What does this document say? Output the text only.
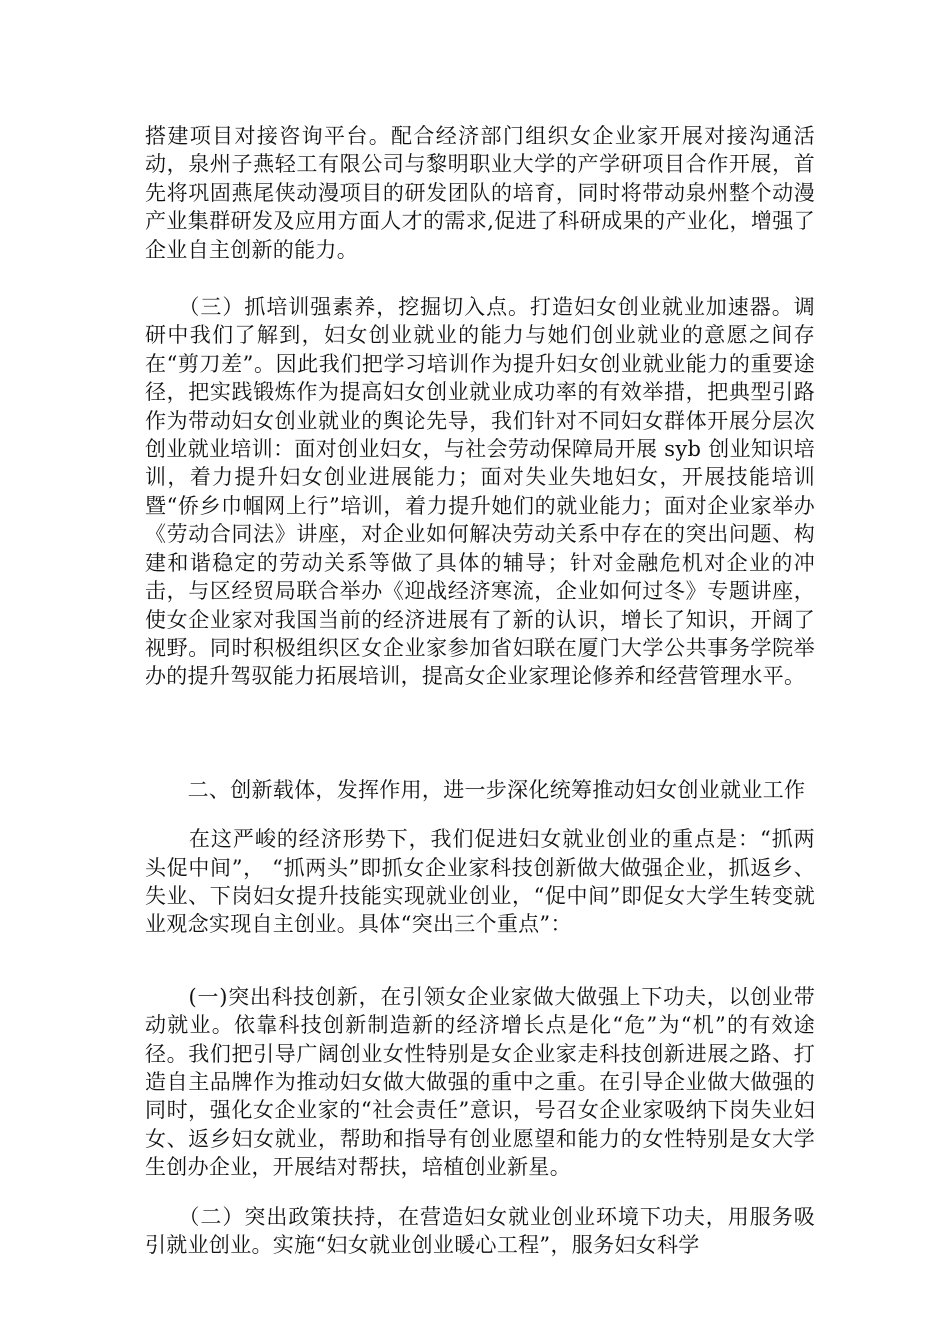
搭建项目对接咨询平台。配合经济部门组织女企业家开展对接沟通活动，泉州子燕轻工有限公司与黎明职业大学的产学研项目合作开展，首先将巩固燕尾侠动漫项目的研发团队的培育，同时将带动泉州整个动漫产业集群研发及应用方面人才的需求,促进了科研成果的产业化，增强了企业自主创新的能力。

　　（三）抓培训强素养，挖掘切入点。打造妇女创业就业加速器。调研中我们了解到，妇女创业就业的能力与她们创业就业的意愿之间存在“剪刀差”。因此我们把学习培训作为提升妇女创业就业能力的重要途径，把实践锻炼作为提高妇女创业就业成功率的有效举措，把典型引路作为带动妇女创业就业的舆论先导，我们针对不同妇女群体开展分层次创业就业培训：面对创业妇女，与社会劳动保障局开展 syb 创业知识培训，着力提升妇女创业进展能力；面对失业失地妇女，开展技能培训暨“侨乡巾帼网上行”培训，着力提升她们的就业能力；面对企业家举办《劳动合同法》讲座，对企业如何解决劳动关系中存在的突出问题、构建和谐稳定的劳动关系等做了具体的辅导；针对金融危机对企业的冲击，与区经贸局联合举办《迎战经济寒流，企业如何过冬》专题讲座，使女企业家对我国当前的经济进展有了新的认识，增长了知识，开阔了视野。同时积极组织区女企业家参加省妇联在厦门大学公共事务学院举办的提升驾驭能力拓展培训，提高女企业家理论修养和经营管理水平。

　　二、创新载体，发挥作用，进一步深化统筹推动妇女创业就业工作

　　在这严峻的经济形势下，我们促进妇女就业创业的重点是：“抓两头促中间”， “抓两头”即抓女企业家科技创新做大做强企业，抓返乡、失业、下岗妇女提升技能实现就业创业，“促中间”即促女大学生转变就业观念实现自主创业。具体“突出三个重点”：

　　(一)突出科技创新，在引领女企业家做大做强上下功夫，以创业带动就业。依靠科技创新制造新的经济增长点是化“危”为“机”的有效途径。我们把引导广阔创业女性特别是女企业家走科技创新进展之路、打造自主品牌作为推动妇女做大做强的重中之重。在引导企业做大做强的同时，强化女企业家的“社会责任”意识，号召女企业家吸纳下岗失业妇女、返乡妇女就业，帮助和指导有创业愿望和能力的女性特别是女大学生创办企业，开展结对帮扶，培植创业新星。

　　（二）突出政策扶持，在营造妇女就业创业环境下功夫，用服务吸引就业创业。实施“妇女就业创业暖心工程”，服务妇女科学
